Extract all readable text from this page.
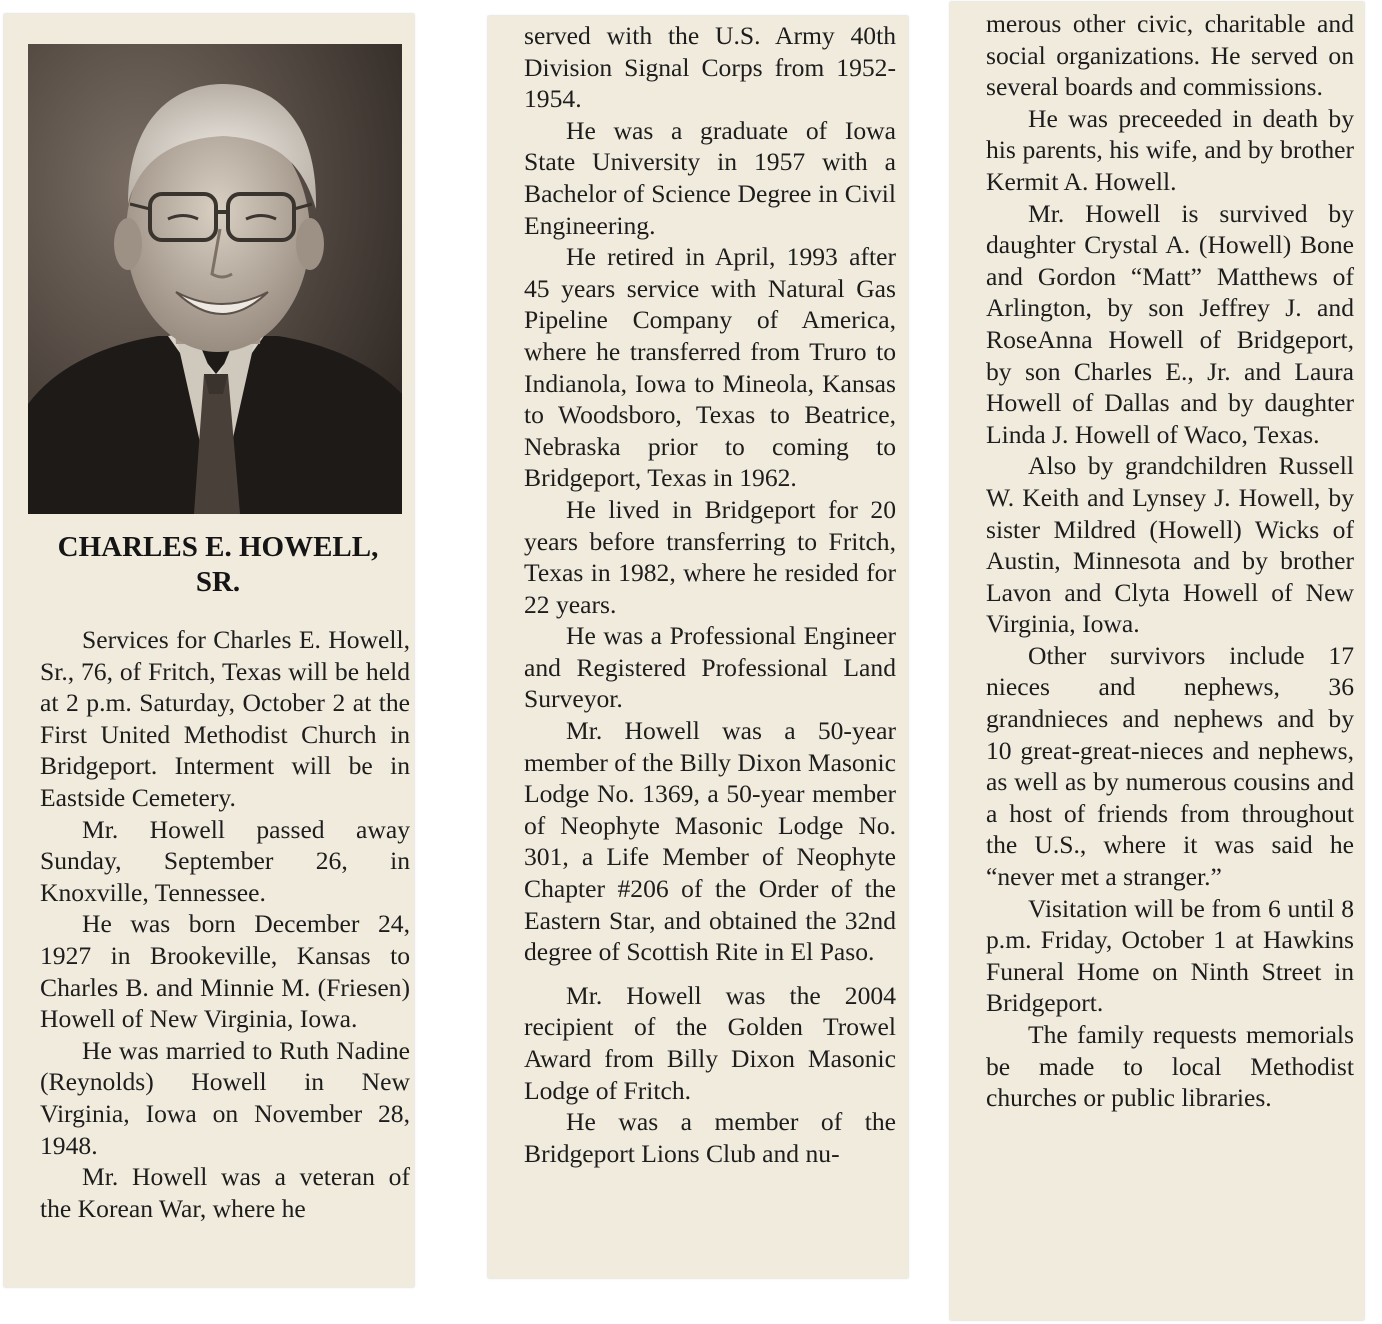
CHARLES E. HOWELL, SR.

Services for Charles E. Howell, Sr., 76, of Fritch, Texas will be held at 2 p.m. Saturday, October 2 at the First United Methodist Church in Bridgeport. Interment will be in Eastside Cemetery.

Mr. Howell passed away Sunday, September 26, in Knoxville, Tennessee.

He was born December 24, 1927 in Brookeville, Kansas to Charles B. and Minnie M. (Friesen) Howell of New Virginia, Iowa.

He was married to Ruth Nadine (Reynolds) Howell in New Virginia, Iowa on November 28, 1948.

Mr. Howell was a veteran of the Korean War, where he

served with the U.S. Army 40th Division Signal Corps from 1952-1954.

He was a graduate of Iowa State University in 1957 with a Bachelor of Science Degree in Civil Engineering.

He retired in April, 1993 after 45 years service with Natural Gas Pipeline Company of America, where he transferred from Truro to Indianola, Iowa to Mineola, Kansas to Woodsboro, Texas to Beatrice, Nebraska prior to coming to Bridgeport, Texas in 1962.

He lived in Bridgeport for 20 years before transferring to Fritch, Texas in 1982, where he resided for 22 years.

He was a Professional Engineer and Registered Professional Land Surveyor.

Mr. Howell was a 50-year member of the Billy Dixon Masonic Lodge No. 1369, a 50-year member of Neophyte Masonic Lodge No. 301, a Life Member of Neophyte Chapter #206 of the Order of the Eastern Star, and obtained the 32nd degree of Scottish Rite in El Paso.

Mr. Howell was the 2004 recipient of the Golden Trowel Award from Billy Dixon Masonic Lodge of Fritch.

He was a member of the Bridgeport Lions Club and nu-

merous other civic, charitable and social organizations. He served on several boards and commissions.

He was preceeded in death by his parents, his wife, and by brother Kermit A. Howell.

Mr. Howell is survived by daughter Crystal A. (Howell) Bone and Gordon “Matt” Matthews of Arlington, by son Jeffrey J. and RoseAnna Howell of Bridgeport, by son Charles E., Jr. and Laura Howell of Dallas and by daughter Linda J. Howell of Waco, Texas.

Also by grandchildren Russell W. Keith and Lynsey J. Howell, by sister Mildred (Howell) Wicks of Austin, Minnesota and by brother Lavon and Clyta Howell of New Virginia, Iowa.

Other survivors include 17 nieces and nephews, 36 grandnieces and nephews and by 10 great-great-nieces and nephews, as well as by numerous cousins and a host of friends from throughout the U.S., where it was said he “never met a stranger.”

Visitation will be from 6 until 8 p.m. Friday, October 1 at Hawkins Funeral Home on Ninth Street in Bridgeport.

The family requests memorials be made to local Methodist churches or public libraries.
